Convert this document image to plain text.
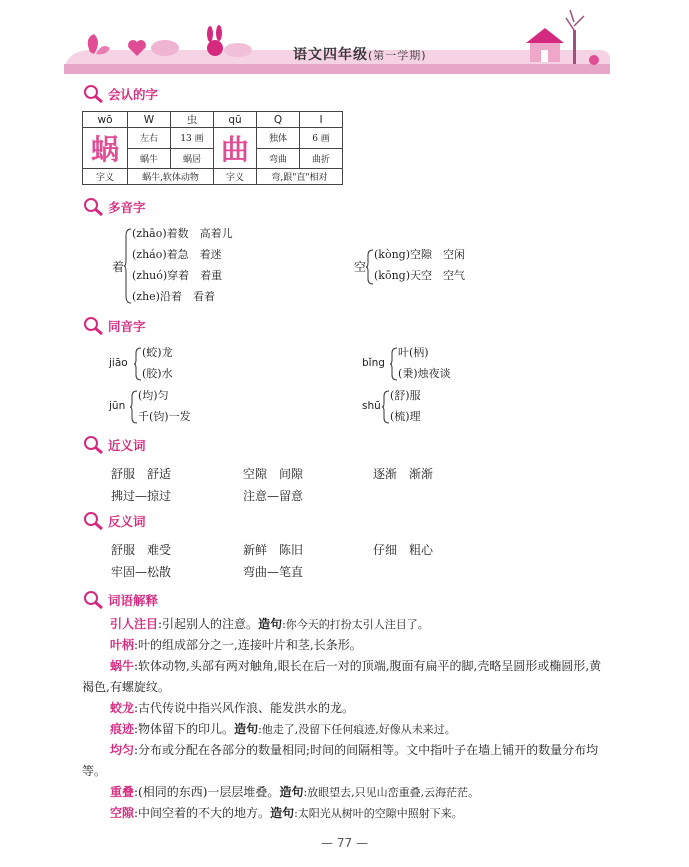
语文四年级(第一学期)
会认的字
wō	W	虫	qū	Q	I
蜗	左右	13 画	曲	独体	6 画
	蜗牛	蜗居		弯曲	曲折
字义	蜗牛,软体动物		字义	弯,跟"直"相对	
多音字
着
(zhāo)着数　高着儿
(zháo)着急　着迷
(zhuó)穿着　着重
(zhe)沿着　看着
空
(kòng)空隙　空闲
(kōng)天空　空气
同音字
jiāo
(蛟)龙
(胶)水
jūn
(均)匀
千(钧)一发
bǐng
叶(柄)
(秉)烛夜谈
shū
(舒)服
(梳)理
近义词
舒服　舒适	空隙　间隙	逐渐　渐渐
拂过—掠过	注意—留意
反义词
舒服　难受	新鲜　陈旧	仔细　粗心
牢固—松散	弯曲—笔直
词语解释
引人注目:引起别人的注意。造句:你今天的打扮太引人注目了。
叶柄:叶的组成部分之一,连接叶片和茎,长条形。
蜗牛:软体动物,头部有两对触角,眼长在后一对的顶端,腹面有扁平的脚,壳略呈圆形或椭圆形,黄褐色,有螺旋纹。
蛟龙:古代传说中指兴风作浪、能发洪水的龙。
痕迹:物体留下的印儿。造句:他走了,没留下任何痕迹,好像从未来过。
均匀:分布或分配在各部分的数量相同;时间的间隔相等。文中指叶子在墙上铺开的数量分布均等。
重叠:(相同的东西)一层层堆叠。造句:放眼望去,只见山峦重叠,云海茫茫。
空隙:中间空着的不大的地方。造句:太阳光从树叶的空隙中照射下来。
— 77 —
